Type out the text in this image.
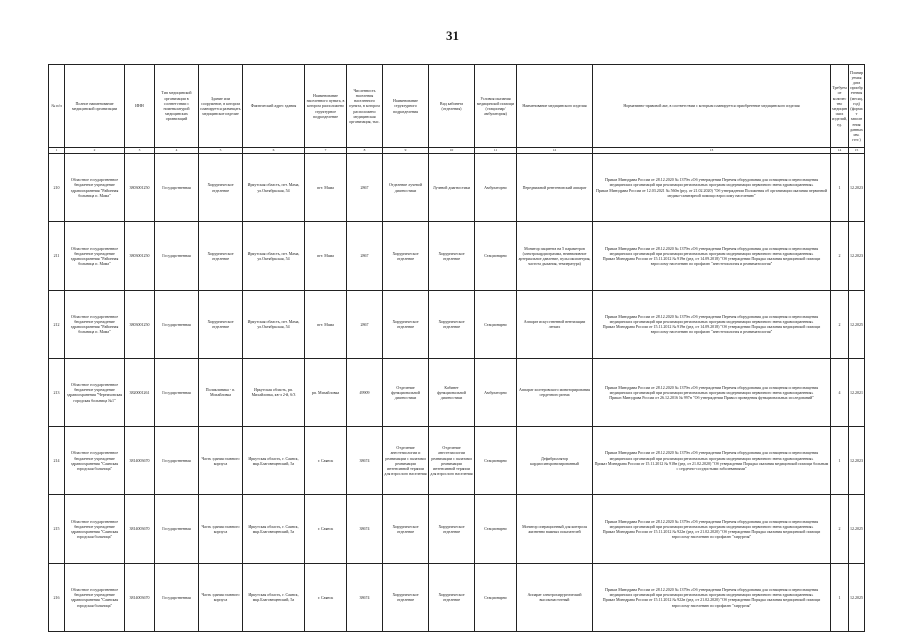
31
№ п/п	Полное наименование медицинской организации	ИНН	Тип медицинской организации в соответствии с номенклатурой медицинских организаций	Здание или сооружение, в котором планируется размещать медицинское изделие	Фактический адрес здания	Наименование населенного пункта, в котором расположено структурное подразделение	Численность населения населенного пункта, в котором расположено медицинская организация, тыс.	Наименование структурного подразделения	Вид кабинета (отделения)	Условия оказания медицинской помощи (стационар/амбулатория)	Наименование медицинского изделия	Нормативно-правовой акт, в соответствии с которым планируется приобретение медицинского изделия	Требуемое количество медицинских изделий, ед.	Планируемая дата приобретения (месяц, год) (формат заполнения данных мм. гггг.)
1	2	3	4	5	6	7	8	9	10	11	12	13	14	15
210	Областное государственное бюджетное учреждение здравоохранения "Районная больница п. Мама"	3803001250	Государственная	Хирургическое отделение	Иркутская область, пгт. Мама, ул.Октябрьская, 54	пгт. Мама	2867	Отделение лучевой диагностики	Лучевой диагностики	Амбулаторно	Передвижной рентгеновский аппарат	Приказ Минздрава России от 28.12.2020 № 1379н «Об утверждении Перечня оборудования для оснащения и переоснащения медицинских организаций при реализации региональных программ модернизации первичного звена здравоохранения»
Приказ Минздрава России от 12.03.2021 № 560н (ред. от 21.02.2020) "Об утверждении Положения об организации оказания первичной медико-санитарной помощи взрослому населению"	1	12.2023
211	Областное государственное бюджетное учреждение здравоохранения "Районная больница п. Мама"	3803001250	Государственная	Хирургическое отделение	Иркутская область, пгт. Мама, ул.Октябрьская, 54	пгт. Мама	2867	Хирургическое отделение	Хирургическое отделение	Стационарно	Монитор пациента на 5 параметров (электрокардиограмма, неинвазивное артериальное давление, пульсоксиметрия, частота дыхания, температура)	Приказ Минздрава России от 28.12.2020 № 1379н «Об утверждении Перечня оборудования для оснащения и переоснащения медицинских организаций при реализации региональных программ модернизации первичного звена здравоохранения»
Приказ Минздрава России от 15.11.2012 № 919н (ред. от 14.09.2018) "Об утверждении Порядка оказания медицинской помощи взрослому населению по профилю "анестезиология и реаниматология"	2	12.2023
212	Областное государственное бюджетное учреждение здравоохранения "Районная больница п. Мама"	3803001250	Государственная	Хирургическое отделение	Иркутская область, пгт. Мама, ул.Октябрьская, 54	пгт. Мама	2867	Хирургическое отделение	Хирургическое отделение	Стационарно	Аппарат искусственной вентиляции легких	Приказ Минздрава России от 28.12.2020 № 1379н «Об утверждении Перечня оборудования для оснащения и переоснащения медицинских организаций при реализации региональных программ модернизации первичного звена здравоохранения»
Приказ Минздрава России от 15.11.2012 № 919н (ред. от 14.09.2018) "Об утверждении Порядка оказания медицинской помощи взрослому населению по профилю "анестезиология и реаниматология"	2	12.2025
213	Областное государственное бюджетное учреждение здравоохранения "Черемховская городская больница №1"	3820001261	Государственная	Поликлиника - п. Михайловка	Иркутская область, рп. Михайловка, кв-л 2-й, 6/3	рп. Михайловка	49909	Отделение функциональной диагностики	Кабинет функциональной диагностики	Амбулаторно	Аппарат холтеровского мониторирования сердечного ритма	Приказ Минздрава России от 28.12.2020 № 1379н «Об утверждении Перечня оборудования для оснащения и переоснащения медицинских организаций при реализации региональных программ модернизации первичного звена здравоохранения»
Приказ Минздрава России от 26.12.2016 № 997н "Об утверждении Правил проведения функциональных исследований"	4	12.2021
214	Областное государственное бюджетное учреждение здравоохранения "Саянская городская больница"	3814003670	Государственная	Часть здания главного корпуса	Иркутская область, г. Саянск, мкр.Благовещенский, 5а	г. Саянск	38674	Отделение анестезиологии и реанимации с палатами реанимации интенсивной терапии для взрослого населения	Отделение анестезиологии реанимации с палатами реанимации интенсивной терапии для взрослого населения	Стационарно	Дефибриллятор кардиосинхронизированный	Приказ Минздрава России от 28.12.2020 № 1379н «Об утверждении Перечня оборудования для оснащения и переоснащения медицинских организаций при реализации региональных программ модернизации первичного звена здравоохранения»
Приказ Минздрава России от 15.11.2012 № 918н (ред. от 21.02.2020) "Об утверждении Порядка оказания медицинской помощи больным с сердечно-сосудистыми заболеваниями"	1	12.2023
215	Областное государственное бюджетное учреждение здравоохранения "Саянская городская больница"	3814003670	Государственная	Часть здания главного корпуса	Иркутская область, г. Саянск, мкр.Благовещенский, 5а	г. Саянск	38674	Хирургическое отделение	Хирургическое отделение	Стационарно	Монитор операционный для контроля жизненно важных показателей	Приказ Минздрава России от 28.12.2020 № 1379н «Об утверждении Перечня оборудования для оснащения и переоснащения медицинских организаций при реализации региональных программ модернизации первичного звена здравоохранения»
Приказ Минздрава России от 15.11.2012 № 922н (ред. от 21.02.2020) "Об утверждении Порядка оказания медицинской помощи взрослому населению по профилю "хирургия"	2	12.2025
216	Областное государственное бюджетное учреждение здравоохранения "Саянская городская больница"	3814003670	Государственная	Часть здания главного корпуса	Иркутская область, г. Саянск, мкр.Благовещенский, 5а	г. Саянск	38674	Хирургическое отделение	Хирургическое отделение	Стационарно	Аппарат электрохирургический высокочастотный	Приказ Минздрава России от 28.12.2020 № 1379н «Об утверждении Перечня оборудования для оснащения и переоснащения медицинских организаций при реализации региональных программ модернизации первичного звена здравоохранения»
Приказ Минздрава России от 15.11.2012 № 922н (ред. от 21.02.2020) "Об утверждении Порядка оказания медицинской помощи взрослому населению по профилю "хирургия"	1	12.2025
